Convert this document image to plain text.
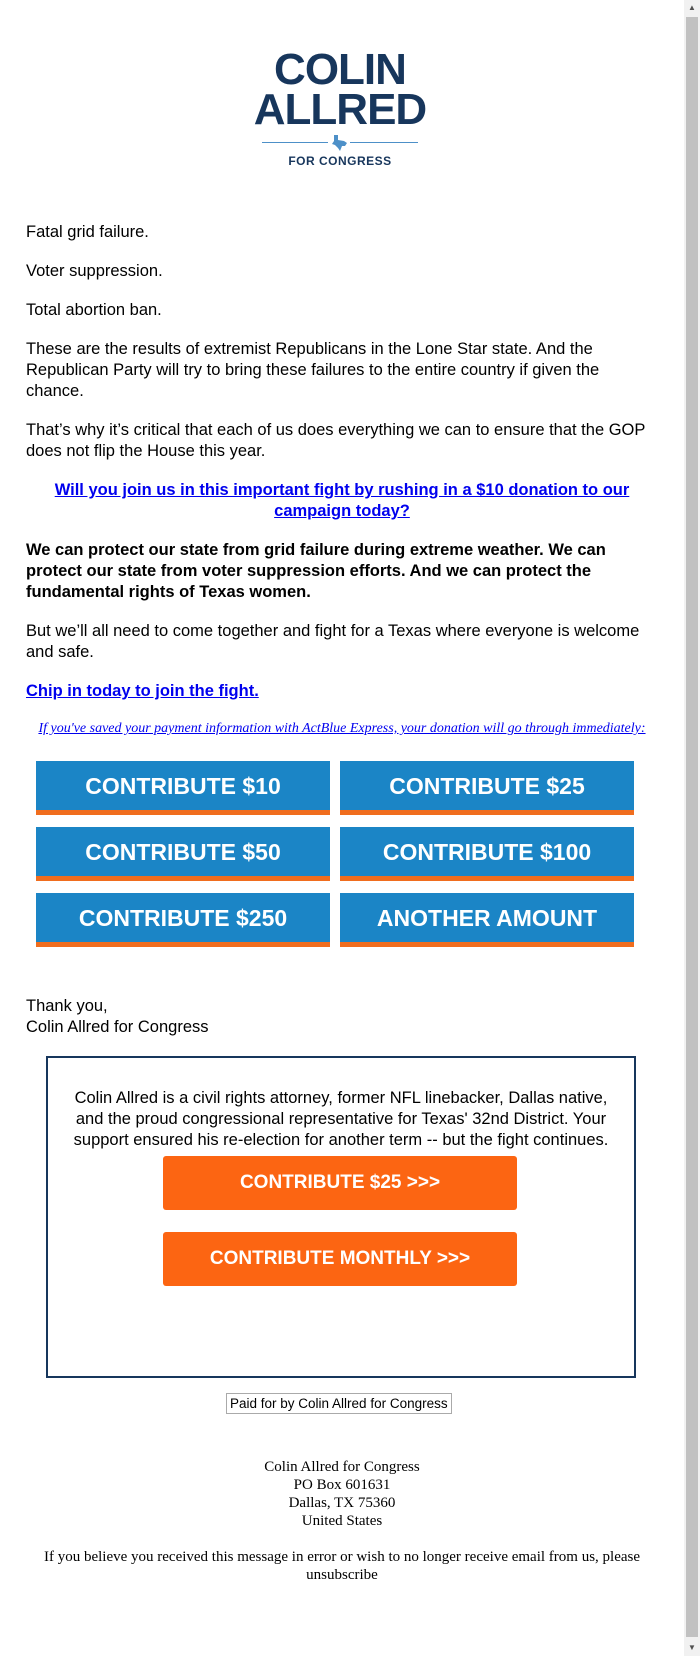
COLIN
ALLRED
FOR CONGRESS

Fatal grid failure.

Voter suppression.

Total abortion ban.

These are the results of extremist Republicans in the Lone Star state. And the Republican Party will try to bring these failures to the entire country if given the chance.

That’s why it’s critical that each of us does everything we can to ensure that the GOP does not flip the House this year.

Will you join us in this important fight by rushing in a $10 donation to our campaign today?

We can protect our state from grid failure during extreme weather. We can protect our state from voter suppression efforts. And we can protect the fundamental rights of Texas women.

But we’ll all need to come together and fight for a Texas where everyone is welcome and safe.

Chip in today to join the fight.

If you've saved your payment information with ActBlue Express, your donation will go through immediately:

CONTRIBUTE $10	CONTRIBUTE $25
CONTRIBUTE $50	CONTRIBUTE $100
CONTRIBUTE $250	ANOTHER AMOUNT
Thank you,
Colin Allred for Congress
Colin Allred is a civil rights attorney, former NFL linebacker, Dallas native, and the proud congressional representative for Texas' 32nd District. Your support ensured his re-election for another term -- but the fight continues.
CONTRIBUTE $25 >>>
CONTRIBUTE MONTHLY >>>
Paid for by Colin Allred for Congress
Colin Allred for Congress
PO Box 601631
Dallas, TX 75360
United States
If you believe you received this message in error or wish to no longer receive email from us, please unsubscribe
▲
▼
